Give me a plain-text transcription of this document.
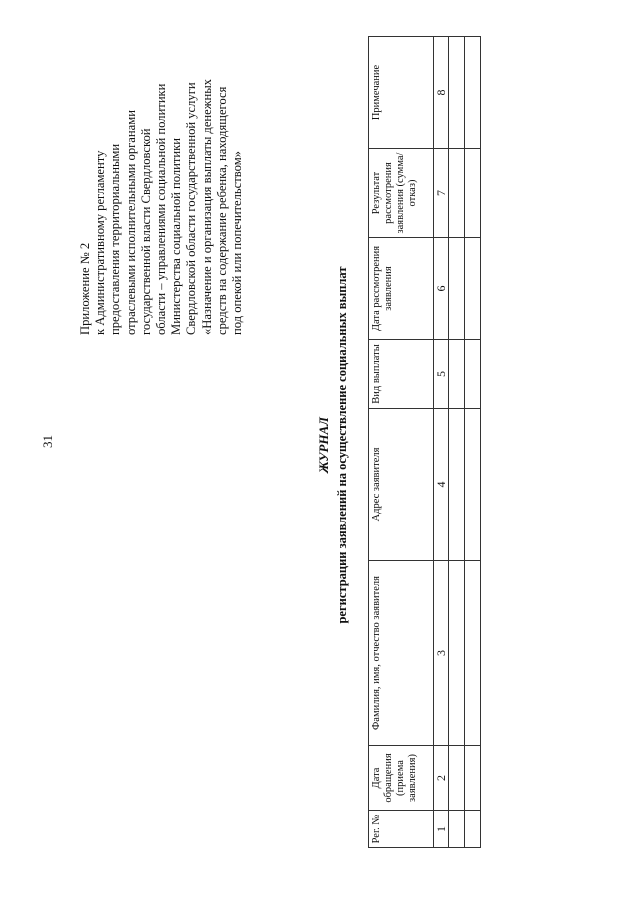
31
Приложение № 2 к Административному регламенту предоставления территориальными отраслевыми исполнительными органами государственной власти Свердловской области – управлениями социальной политики Министерства социальной политики Свердловской области государственной услуги «Назначение и организация выплаты денежных средств на содержание ребенка, находящегося под опекой или попечительством»
ЖУРНАЛ регистрации заявлений на осуществление социальных выплат
Рег. №	Дата обращения (приема заявления)	Фамилия, имя, отчество заявителя	Адрес заявителя	Вид выплаты	Дата рассмотрения заявления	Результат рассмотрения заявления (сумма/отказ)	Примечание
1	2	3	4	5	6	7	8
